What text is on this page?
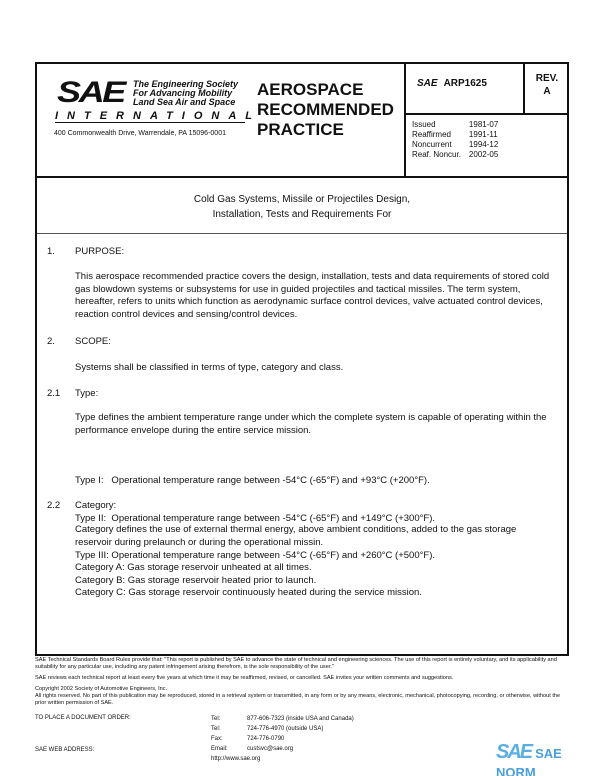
SAE The Engineering Society
For Advancing Mobility
Land Sea Air and Space
INTERNATIONAL
400 Commonwealth Drive, Warrendale, PA 15096-0001
AEROSPACE
RECOMMENDED
PRACTICE
SAE ARP1625	REV.
A
Issued	1981-07
Reaffirmed	1991-11
Noncurrent	1994-12
Reaf. Noncur.	2002-05
Cold Gas Systems, Missile or Projectiles Design,
Installation, Tests and Requirements For
1. PURPOSE:

This aerospace recommended practice covers the design, installation, tests and data requirements of stored cold gas blowdown systems or subsystems for use in guided projectiles and tactical missiles. The term system, hereafter, refers to units which function as aerodynamic surface control devices, valve actuated control devices, reaction control devices and sensing/control devices.

2. SCOPE:

Systems shall be classified in terms of type, category and class.

2.1 Type:

Type defines the ambient temperature range under which the complete system is capable of operating within the performance envelope during the entire service mission.

Type I:   Operational temperature range between -54°C (-65°F) and +93°C (+200°F).

Type II:  Operational temperature range between -54°C (-65°F) and +149°C (+300°F).

Type III: Operational temperature range between -54°C (-65°F) and +260°C (+500°F).

2.2 Category:

Category defines the use of external thermal energy, above ambient conditions, added to the gas storage reservoir during prelaunch or during the operational missin.

Category A: Gas storage reservoir unheated at all times.
Category B: Gas storage reservoir heated prior to launch.
Category C: Gas storage reservoir continuously heated during the service mission.

SAE Technical Standards Board Rules provide that: "This report is published by SAE to advance the state of technical and engineering sciences. The use of this report is entirely voluntary, and its applicability and suitability for any particular use, including any patent infringement arising therefrom, is the sole responsibility of the user."

SAE reviews each technical report at least every five years at which time it may be reaffirmed, revised, or cancelled. SAE invites your written comments and suggestions.

Copyright 2002 Society of Automotive Engineers, Inc.

All rights reserved. No part of this publication may be reproduced, stored in a retrieval system or transmitted, in any form or by any means, electronic, mechanical, photocopying, recording, or otherwise, without the prior written permission of SAE.

TO PLACE A DOCUMENT ORDER:
SAE WEB ADDRESS:
Tel:	877-606-7323 (inside USA and Canada)
Tel:	724-776-4970 (outside USA)
Fax:	724-776-0790
Email:	custsvc@sae.org
http://www.sae.org		SAE SAE NORM
